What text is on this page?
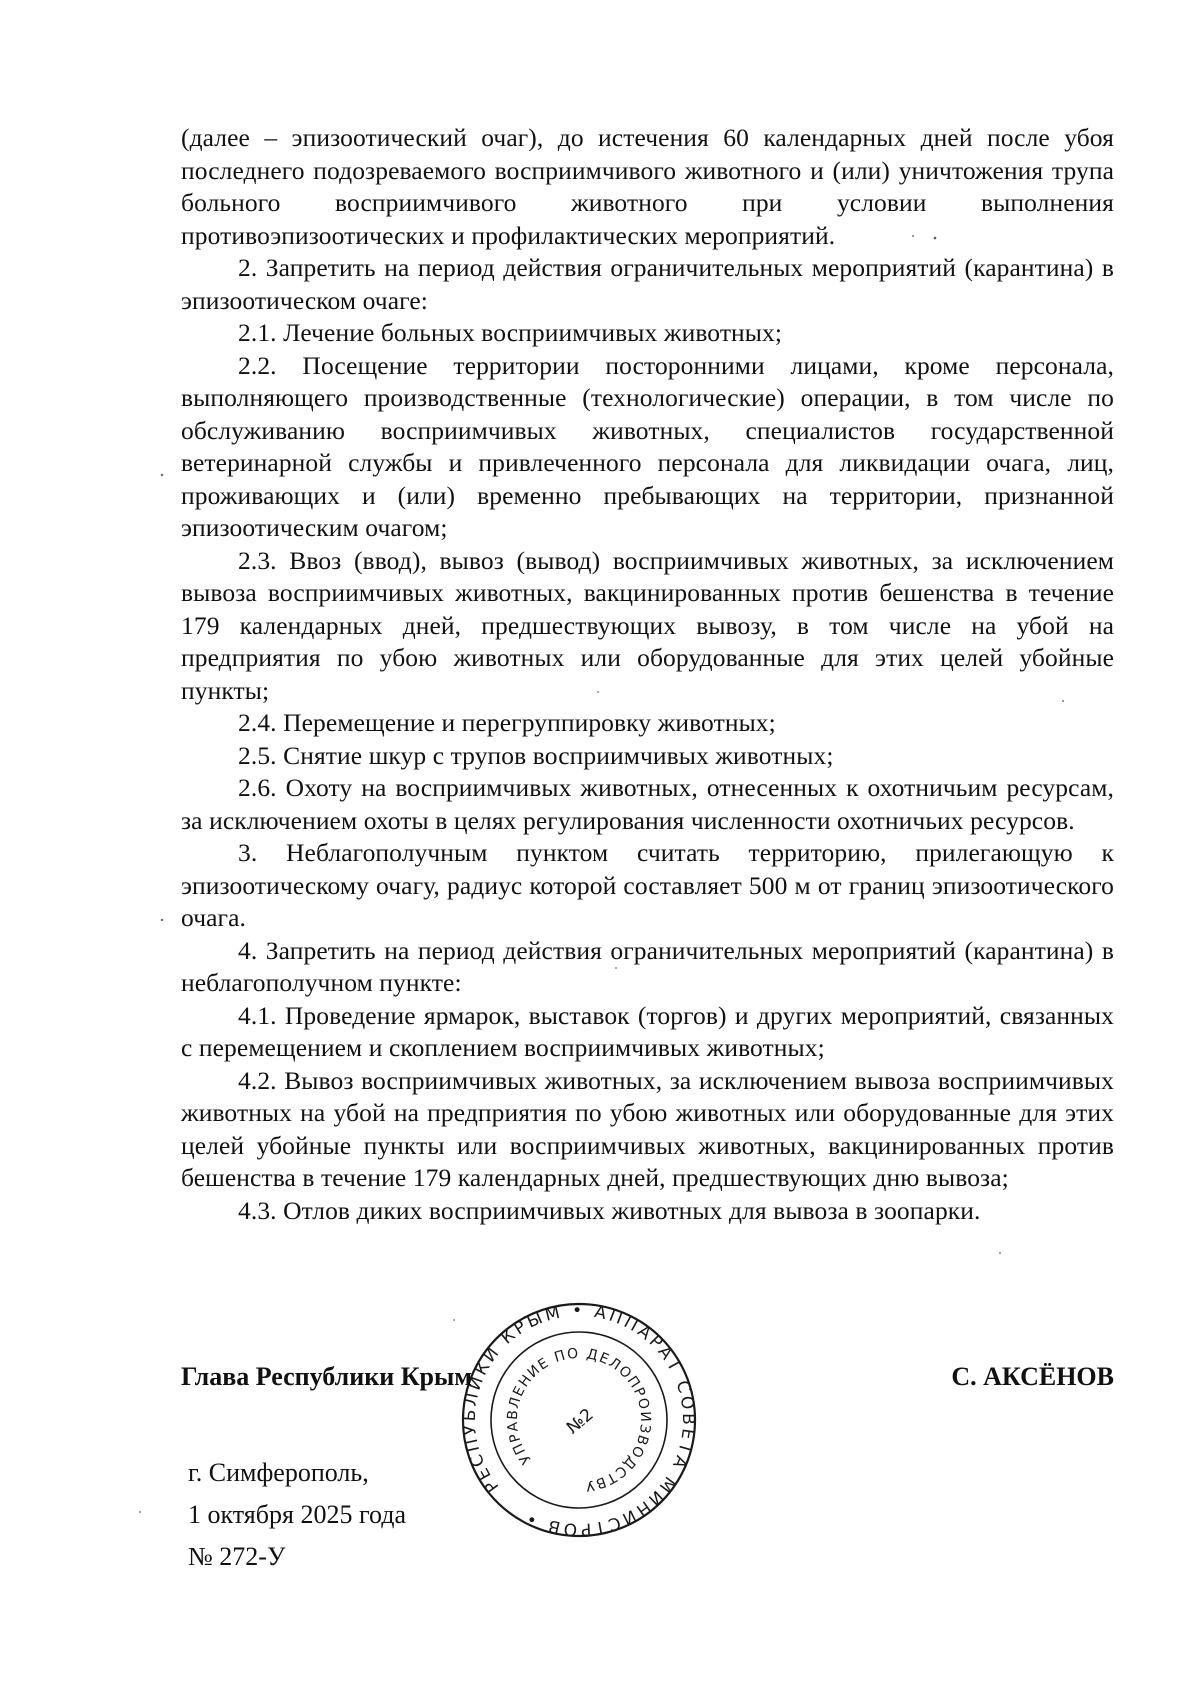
(далее – эпизоотический очаг), до истечения 60 календарных дней после убоя последнего подозреваемого восприимчивого животного и (или) уничтожения трупа больного восприимчивого животного при условии выполнения противоэпизоотических и профилактических мероприятий.

2. Запретить на период действия ограничительных мероприятий (карантина) в эпизоотическом очаге:

2.1. Лечение больных восприимчивых животных;

2.2. Посещение территории посторонними лицами, кроме персонала, выполняющего производственные (технологические) операции, в том числе по обслуживанию восприимчивых животных, специалистов государственной ветеринарной службы и привлеченного персонала для ликвидации очага, лиц, проживающих и (или) временно пребывающих на территории, признанной эпизоотическим очагом;

2.3. Ввоз (ввод), вывоз (вывод) восприимчивых животных, за исключением вывоза восприимчивых животных, вакцинированных против бешенства в течение 179 календарных дней, предшествующих вывозу, в том числе на убой на предприятия по убою животных или оборудованные для этих целей убойные пункты;

2.4. Перемещение и перегруппировку животных;

2.5. Снятие шкур с трупов восприимчивых животных;

2.6. Охоту на восприимчивых животных, отнесенных к охотничьим ресурсам, за исключением охоты в целях регулирования численности охотничьих ресурсов.

3. Неблагополучным пунктом считать территорию, прилегающую к эпизоотическому очагу, радиус которой составляет 500 м от границ эпизоотического очага.

4. Запретить на период действия ограничительных мероприятий (карантина) в неблагополучном пункте:

4.1. Проведение ярмарок, выставок (торгов) и других мероприятий, связанных с перемещением и скоплением восприимчивых животных;

4.2. Вывоз восприимчивых животных, за исключением вывоза восприимчивых животных на убой на предприятия по убою животных или оборудованные для этих целей убойные пункты или восприимчивых животных, вакцинированных против бешенства в течение 179 календарных дней, предшествующих дню вывоза;

4.3. Отлов диких восприимчивых животных для вывоза в зоопарки.

РЕСПУБЛИКИ КРЫМ • АППАРАТ СОВЕТА МИНИСТРОВ •
УПРАВЛЕНИЕ ПО ДЕЛОПРОИЗВОДСТВУ
№2
Глава Республики Крым	С. АКСЁНОВ
г. Симферополь,
1 октября 2025 года
№ 272-У
